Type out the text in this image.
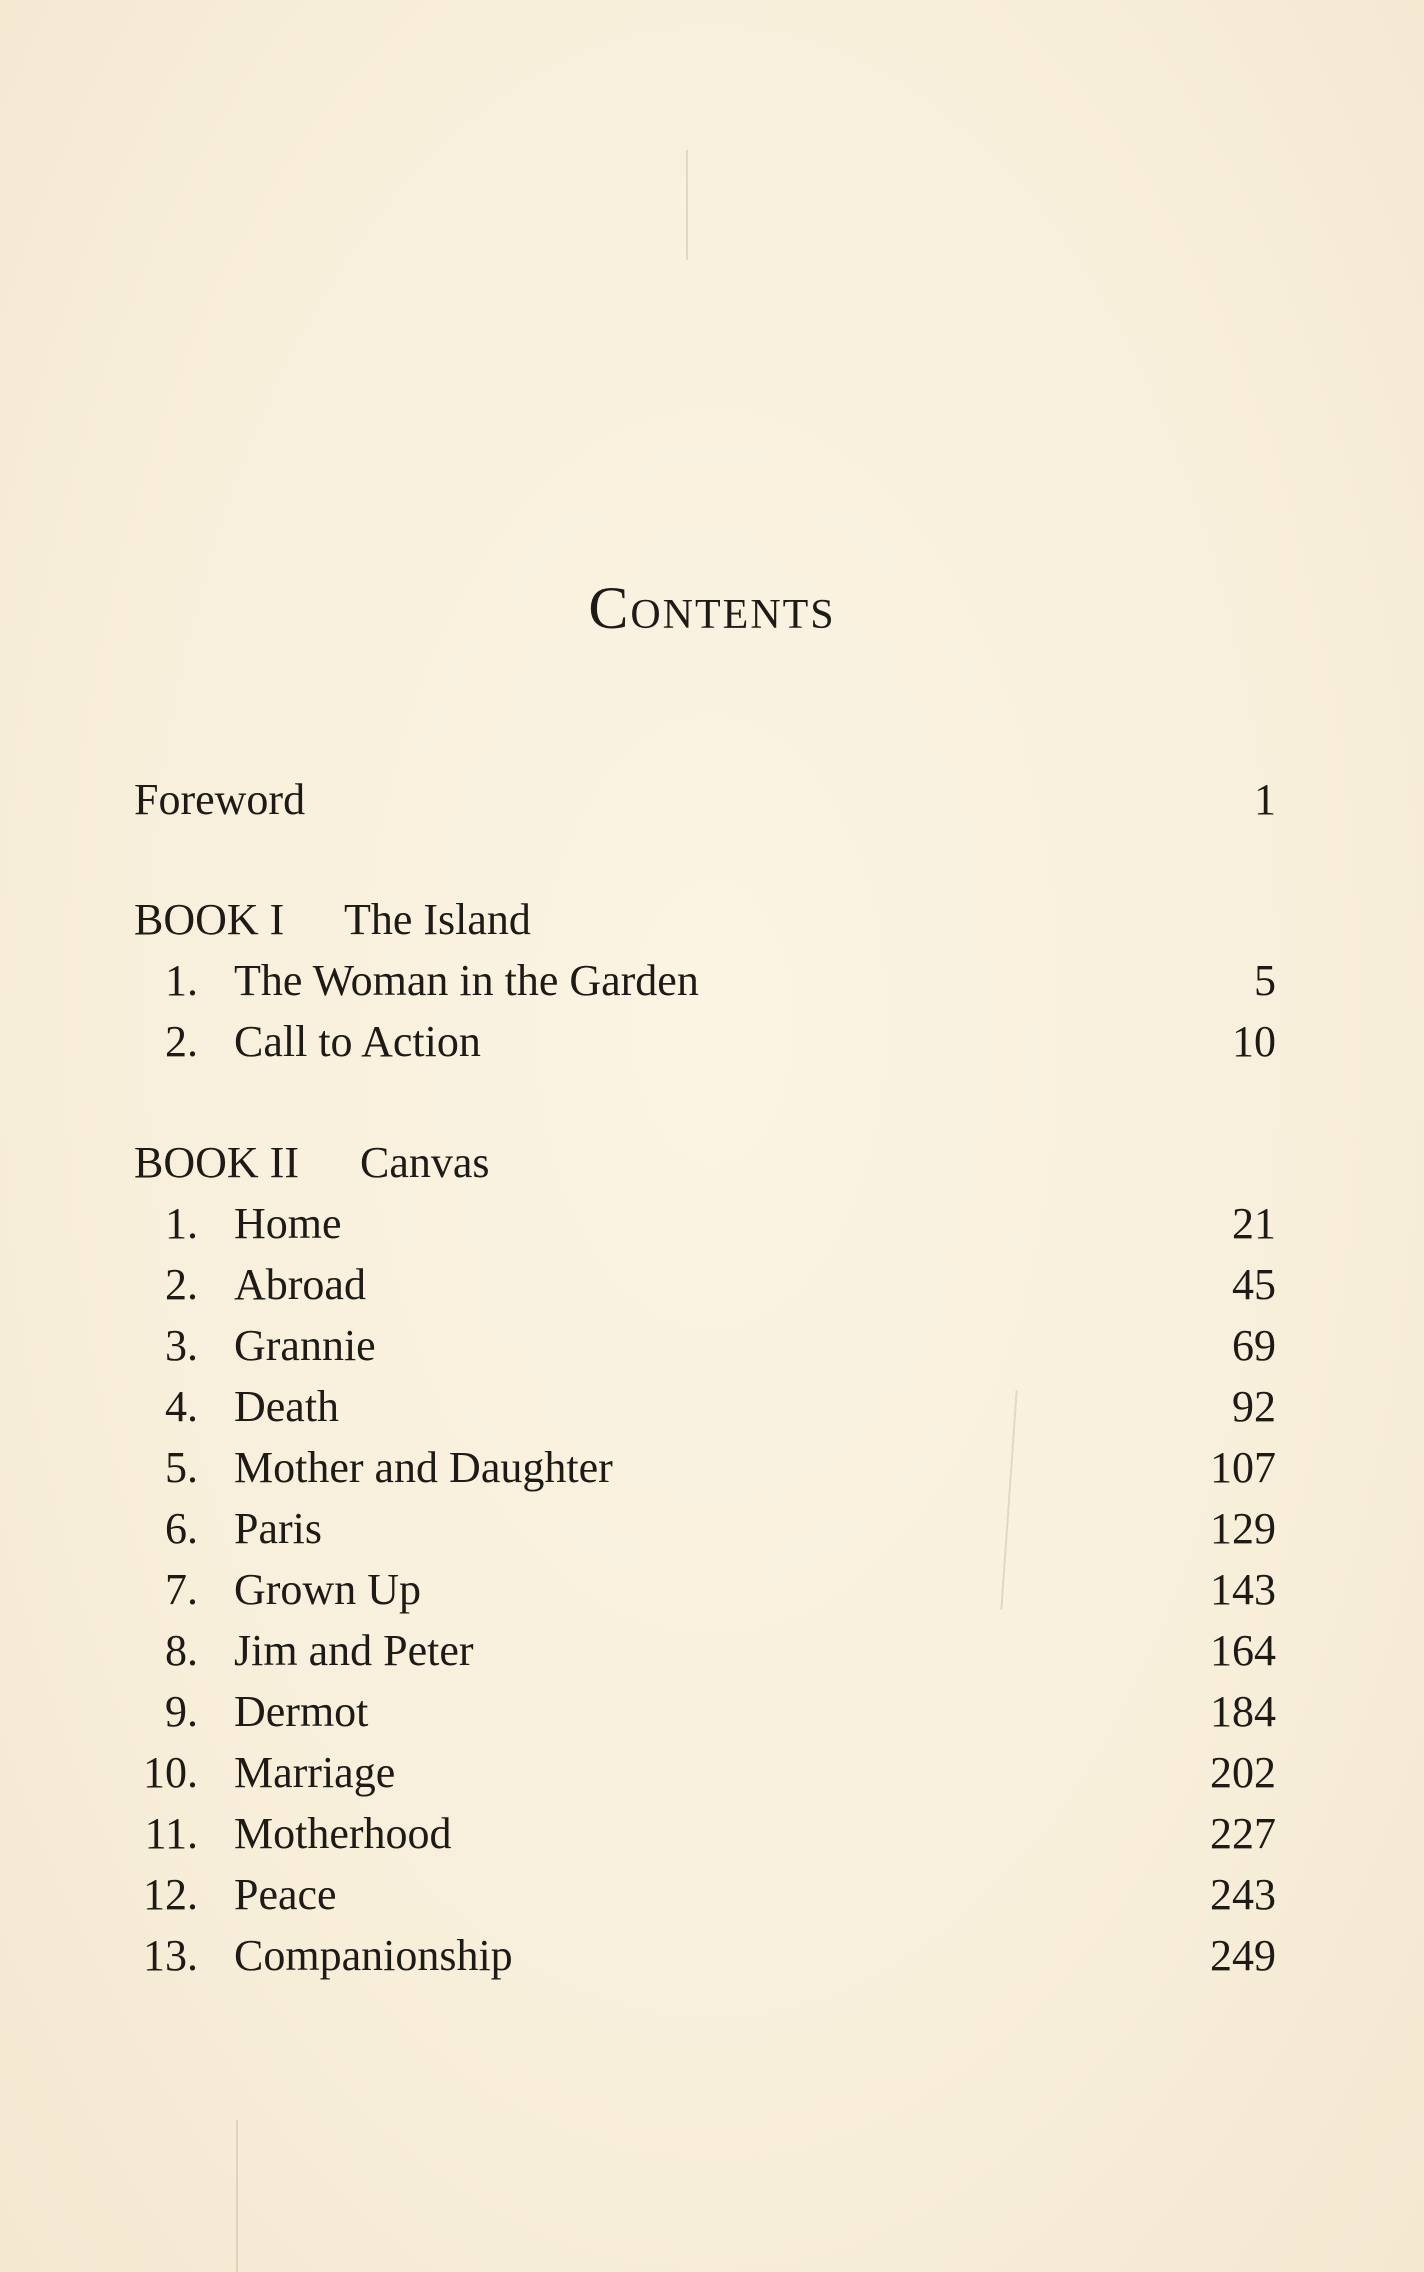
Contents
Foreword	1
BOOK I The Island
1. The Woman in the Garden	5
2. Call to Action	10
BOOK II Canvas
1. Home	21
2. Abroad	45
3. Grannie	69
4. Death	92
5. Mother and Daughter	107
6. Paris	129
7. Grown Up	143
8. Jim and Peter	164
9. Dermot	184
10. Marriage	202
11. Motherhood	227
12. Peace	243
13. Companionship	249
